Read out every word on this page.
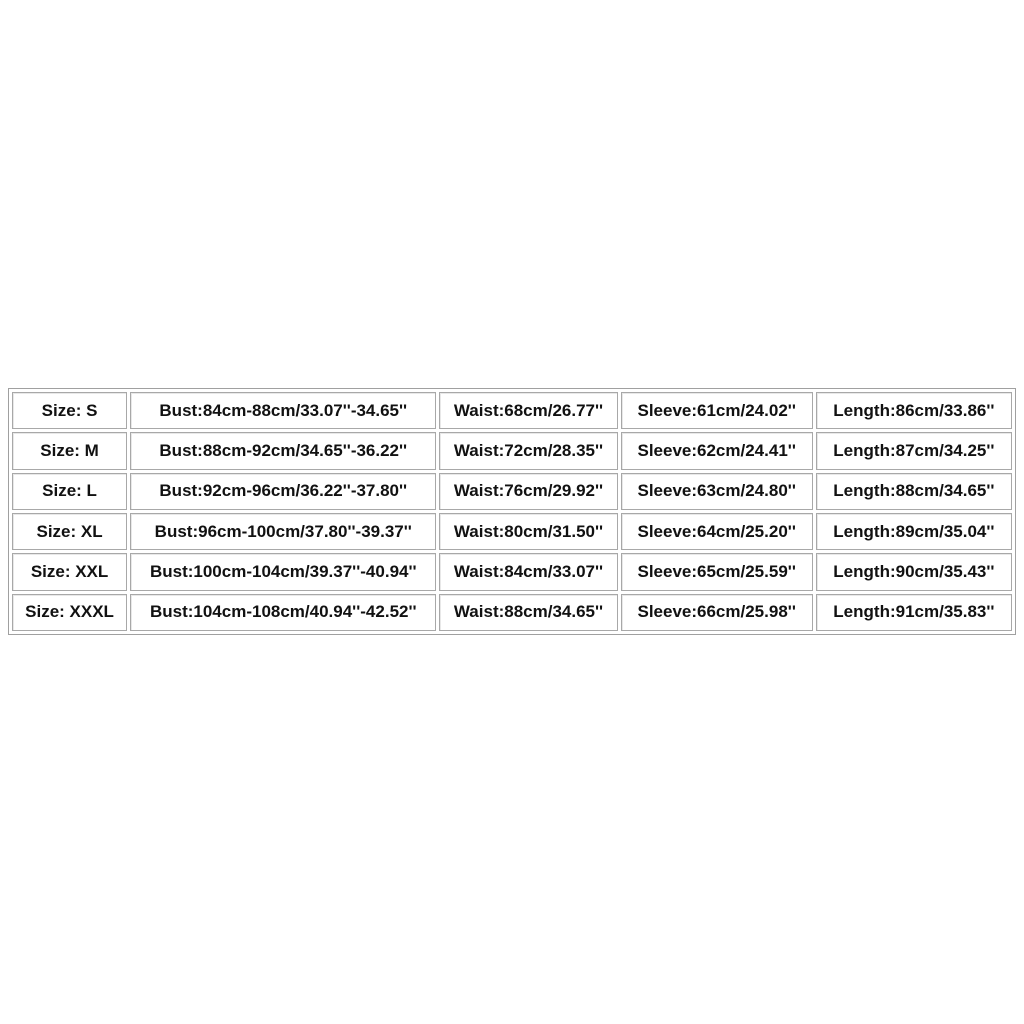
Size: S	Bust:84cm-88cm/33.07''-34.65''	Waist:68cm/26.77''	Sleeve:61cm/24.02''	Length:86cm/33.86''
Size: M	Bust:88cm-92cm/34.65''-36.22''	Waist:72cm/28.35''	Sleeve:62cm/24.41''	Length:87cm/34.25''
Size: L	Bust:92cm-96cm/36.22''-37.80''	Waist:76cm/29.92''	Sleeve:63cm/24.80''	Length:88cm/34.65''
Size: XL	Bust:96cm-100cm/37.80''-39.37''	Waist:80cm/31.50''	Sleeve:64cm/25.20''	Length:89cm/35.04''
Size: XXL	Bust:100cm-104cm/39.37''-40.94''	Waist:84cm/33.07''	Sleeve:65cm/25.59''	Length:90cm/35.43''
Size: XXXL	Bust:104cm-108cm/40.94''-42.52''	Waist:88cm/34.65''	Sleeve:66cm/25.98''	Length:91cm/35.83''
